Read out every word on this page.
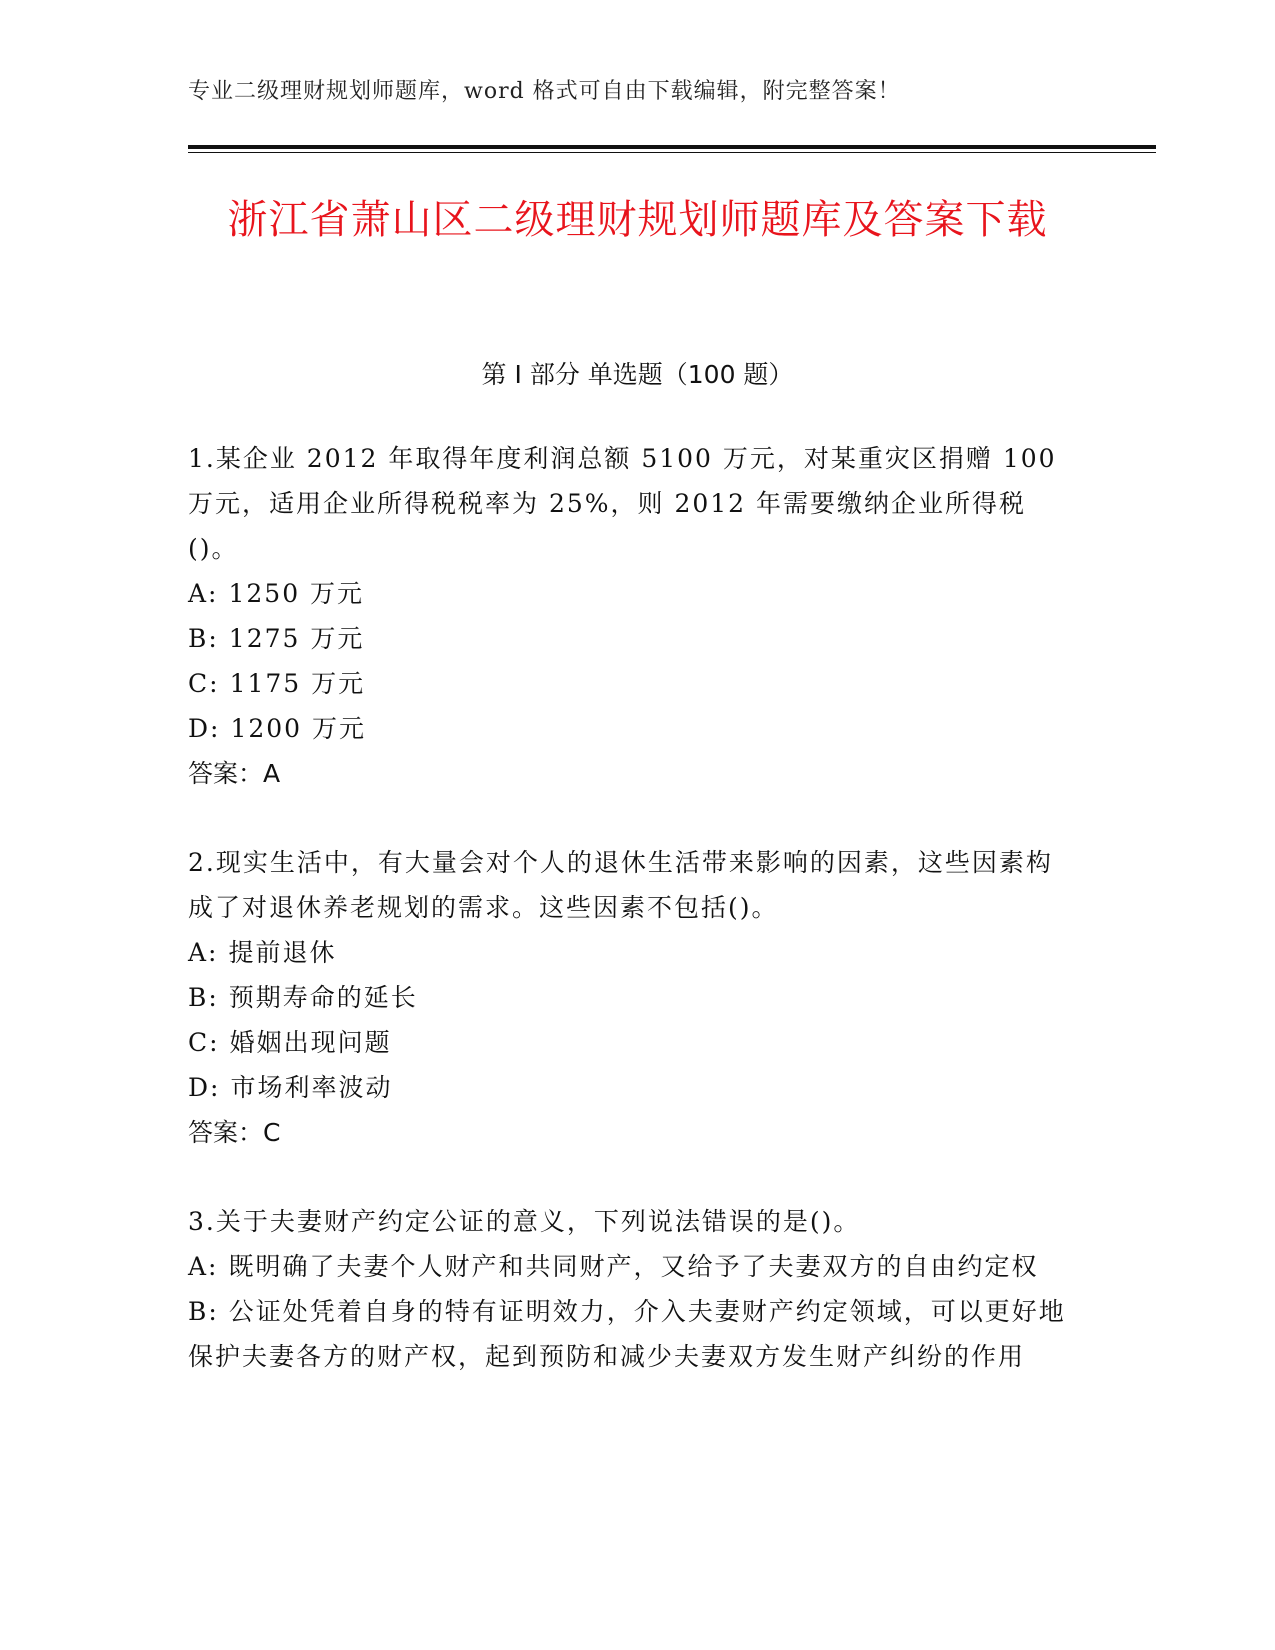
专业二级理财规划师题库，word 格式可自由下载编辑，附完整答案！
浙江省萧山区二级理财规划师题库及答案下载
第 I 部分 单选题（100 题）
1.某企业 2012 年取得年度利润总额 5100 万元，对某重灾区捐赠 100 万元，适用企业所得税税率为 25%，则 2012 年需要缴纳企业所得税()。
A: 1250 万元
B: 1275 万元
C: 1175 万元
D: 1200 万元
答案：A
2.现实生活中，有大量会对个人的退休生活带来影响的因素，这些因素构成了对退休养老规划的需求。这些因素不包括()。
A: 提前退休
B: 预期寿命的延长
C: 婚姻出现问题
D: 市场利率波动
答案：C
3.关于夫妻财产约定公证的意义，下列说法错误的是()。
A: 既明确了夫妻个人财产和共同财产，又给予了夫妻双方的自由约定权
B: 公证处凭着自身的特有证明效力，介入夫妻财产约定领域，可以更好地保护夫妻各方的财产权，起到预防和减少夫妻双方发生财产纠纷的作用
